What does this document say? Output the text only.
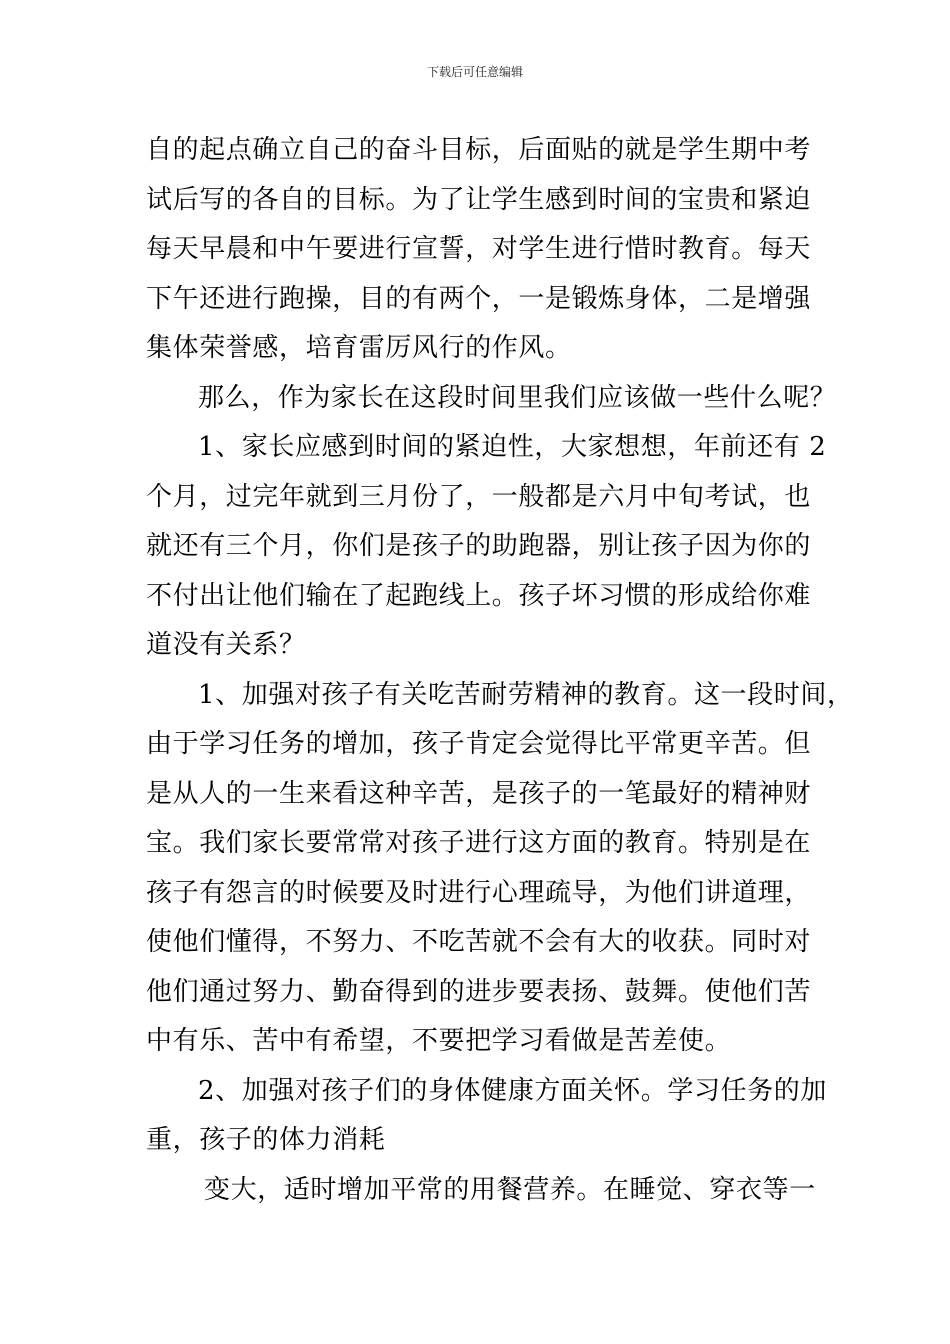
下载后可任意编辑
自的起点确立自己的奋斗目标，后面贴的就是学生期中考
试后写的各自的目标。为了让学生感到时间的宝贵和紧迫
每天早晨和中午要进行宣誓，对学生进行惜时教育。每天
下午还进行跑操，目的有两个，一是锻炼身体，二是增强
集体荣誉感，培育雷厉风行的作风。
那么，作为家长在这段时间里我们应该做一些什么呢？
1、家长应感到时间的紧迫性，大家想想，年前还有 2
个月，过完年就到三月份了，一般都是六月中旬考试，也
就还有三个月，你们是孩子的助跑器，别让孩子因为你的
不付出让他们输在了起跑线上。孩子坏习惯的形成给你难
道没有关系？
1、加强对孩子有关吃苦耐劳精神的教育。这一段时间，
由于学习任务的增加，孩子肯定会觉得比平常更辛苦。但
是从人的一生来看这种辛苦，是孩子的一笔最好的精神财
宝。我们家长要常常对孩子进行这方面的教育。特别是在
孩子有怨言的时候要及时进行心理疏导，为他们讲道理，
使他们懂得，不努力、不吃苦就不会有大的收获。同时对
他们通过努力、勤奋得到的进步要表扬、鼓舞。使他们苦
中有乐、苦中有希望，不要把学习看做是苦差使。
2、加强对孩子们的身体健康方面关怀。学习任务的加
重，孩子的体力消耗
变大，适时增加平常的用餐营养。在睡觉、穿衣等一
